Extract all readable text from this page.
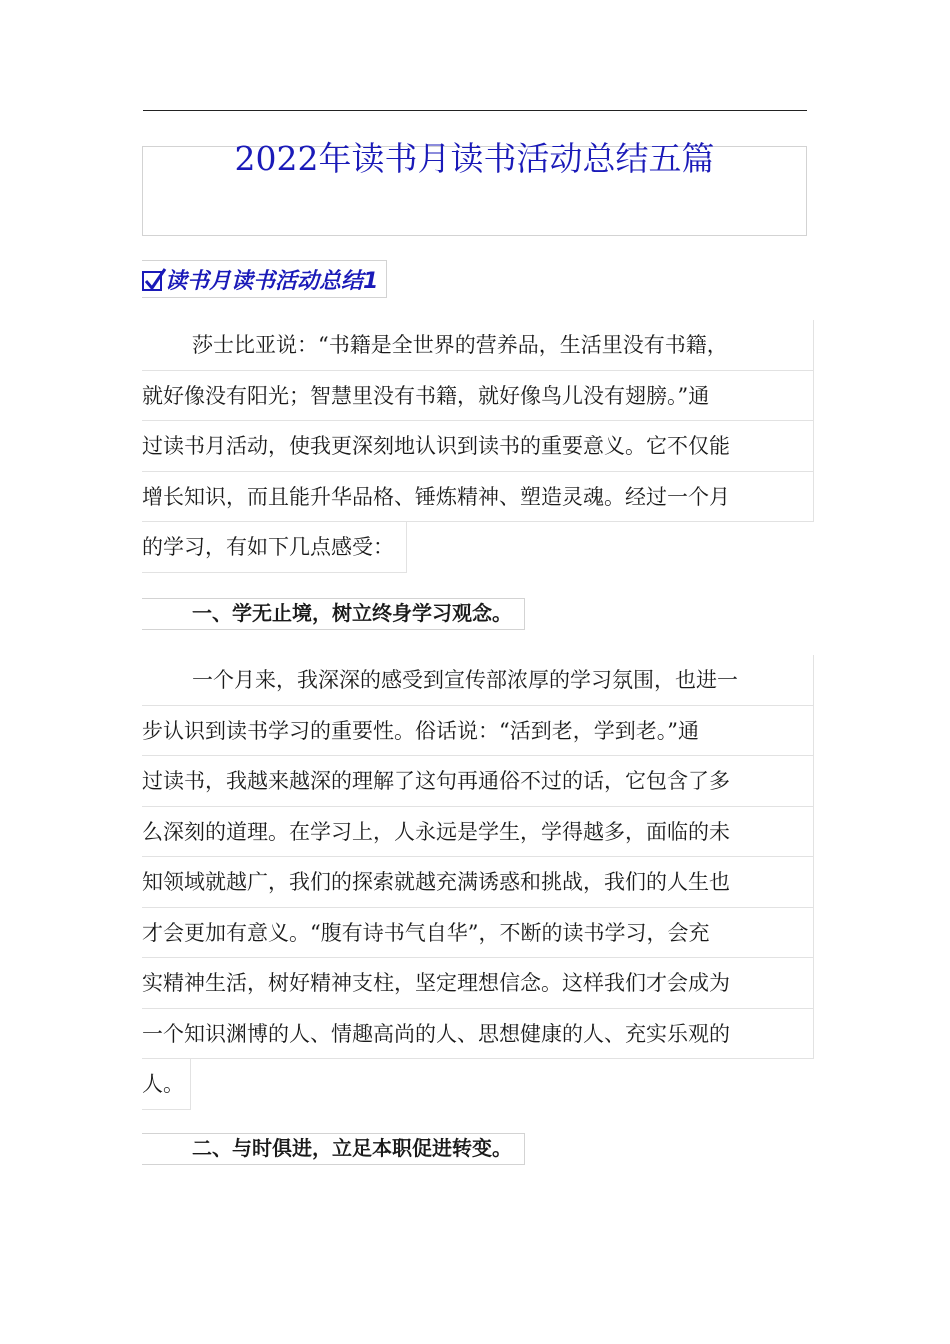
2022年读书月读书活动总结五篇
读书月读书活动总结1
莎士比亚说：“书籍是全世界的营养品，生活里没有书籍，
就好像没有阳光；智慧里没有书籍，就好像鸟儿没有翅膀。”通
过读书月活动，使我更深刻地认识到读书的重要意义。它不仅能
增长知识，而且能升华品格、锤炼精神、塑造灵魂。经过一个月
的学习，有如下几点感受：
一、学无止境，树立终身学习观念。
一个月来，我深深的感受到宣传部浓厚的学习氛围，也进一
步认识到读书学习的重要性。俗话说：“活到老，学到老。”通
过读书，我越来越深的理解了这句再通俗不过的话，它包含了多
么深刻的道理。在学习上，人永远是学生，学得越多，面临的未
知领域就越广，我们的探索就越充满诱惑和挑战，我们的人生也
才会更加有意义。“腹有诗书气自华”，不断的读书学习，会充
实精神生活，树好精神支柱，坚定理想信念。这样我们才会成为
一个知识渊博的人、情趣高尚的人、思想健康的人、充实乐观的
人。
二、与时俱进，立足本职促进转变。
